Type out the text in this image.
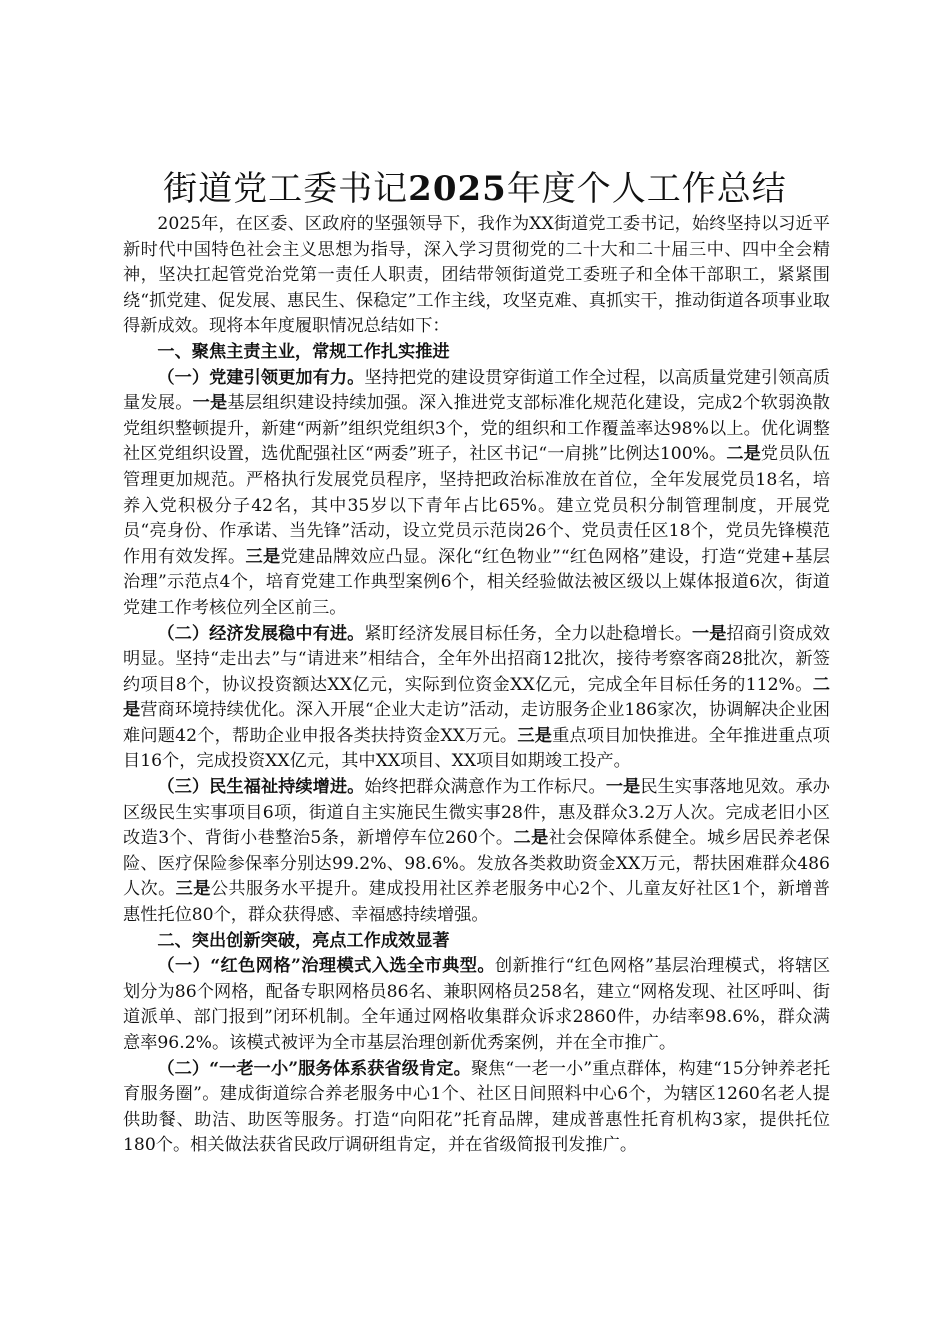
街道党工委书记2025年度个人工作总结

2025年，在区委、区政府的坚强领导下，我作为XX街道党工委书记，始终坚持以习近平新时代中国特色社会主义思想为指导，深入学习贯彻党的二十大和二十届三中、四中全会精神，坚决扛起管党治党第一责任人职责，团结带领街道党工委班子和全体干部职工，紧紧围绕“抓党建、促发展、惠民生、保稳定”工作主线，攻坚克难、真抓实干，推动街道各项事业取得新成效。现将本年度履职情况总结如下：

一、聚焦主责主业，常规工作扎实推进

（一）党建引领更加有力。坚持把党的建设贯穿街道工作全过程，以高质量党建引领高质量发展。一是基层组织建设持续加强。深入推进党支部标准化规范化建设，完成2个软弱涣散党组织整顿提升，新建“两新”组织党组织3个，党的组织和工作覆盖率达98%以上。优化调整社区党组织设置，选优配强社区“两委”班子，社区书记“一肩挑”比例达100%。二是党员队伍管理更加规范。严格执行发展党员程序，坚持把政治标准放在首位，全年发展党员18名，培养入党积极分子42名，其中35岁以下青年占比65%。建立党员积分制管理制度，开展党员“亮身份、作承诺、当先锋”活动，设立党员示范岗26个、党员责任区18个，党员先锋模范作用有效发挥。三是党建品牌效应凸显。深化“红色物业”“红色网格”建设，打造“党建+基层治理”示范点4个，培育党建工作典型案例6个，相关经验做法被区级以上媒体报道6次，街道党建工作考核位列全区前三。

（二）经济发展稳中有进。紧盯经济发展目标任务，全力以赴稳增长。一是招商引资成效明显。坚持“走出去”与“请进来”相结合，全年外出招商12批次，接待考察客商28批次，新签约项目8个，协议投资额达XX亿元，实际到位资金XX亿元，完成全年目标任务的112%。二是营商环境持续优化。深入开展“企业大走访”活动，走访服务企业186家次，协调解决企业困难问题42个，帮助企业申报各类扶持资金XX万元。三是重点项目加快推进。全年推进重点项目16个，完成投资XX亿元，其中XX项目、XX项目如期竣工投产。

（三）民生福祉持续增进。始终把群众满意作为工作标尺。一是民生实事落地见效。承办区级民生实事项目6项，街道自主实施民生微实事28件，惠及群众3.2万人次。完成老旧小区改造3个、背街小巷整治5条，新增停车位260个。二是社会保障体系健全。城乡居民养老保险、医疗保险参保率分别达99.2%、98.6%。发放各类救助资金XX万元，帮扶困难群众486人次。三是公共服务水平提升。建成投用社区养老服务中心2个、儿童友好社区1个，新增普惠性托位80个，群众获得感、幸福感持续增强。

二、突出创新突破，亮点工作成效显著

（一）“红色网格”治理模式入选全市典型。创新推行“红色网格”基层治理模式，将辖区划分为86个网格，配备专职网格员86名、兼职网格员258名，建立“网格发现、社区呼叫、街道派单、部门报到”闭环机制。全年通过网格收集群众诉求2860件，办结率98.6%，群众满意率96.2%。该模式被评为全市基层治理创新优秀案例，并在全市推广。

（二）“一老一小”服务体系获省级肯定。聚焦“一老一小”重点群体，构建“15分钟养老托育服务圈”。建成街道综合养老服务中心1个、社区日间照料中心6个，为辖区1260名老人提供助餐、助洁、助医等服务。打造“向阳花”托育品牌，建成普惠性托育机构3家，提供托位180个。相关做法获省民政厅调研组肯定，并在省级简报刊发推广。
